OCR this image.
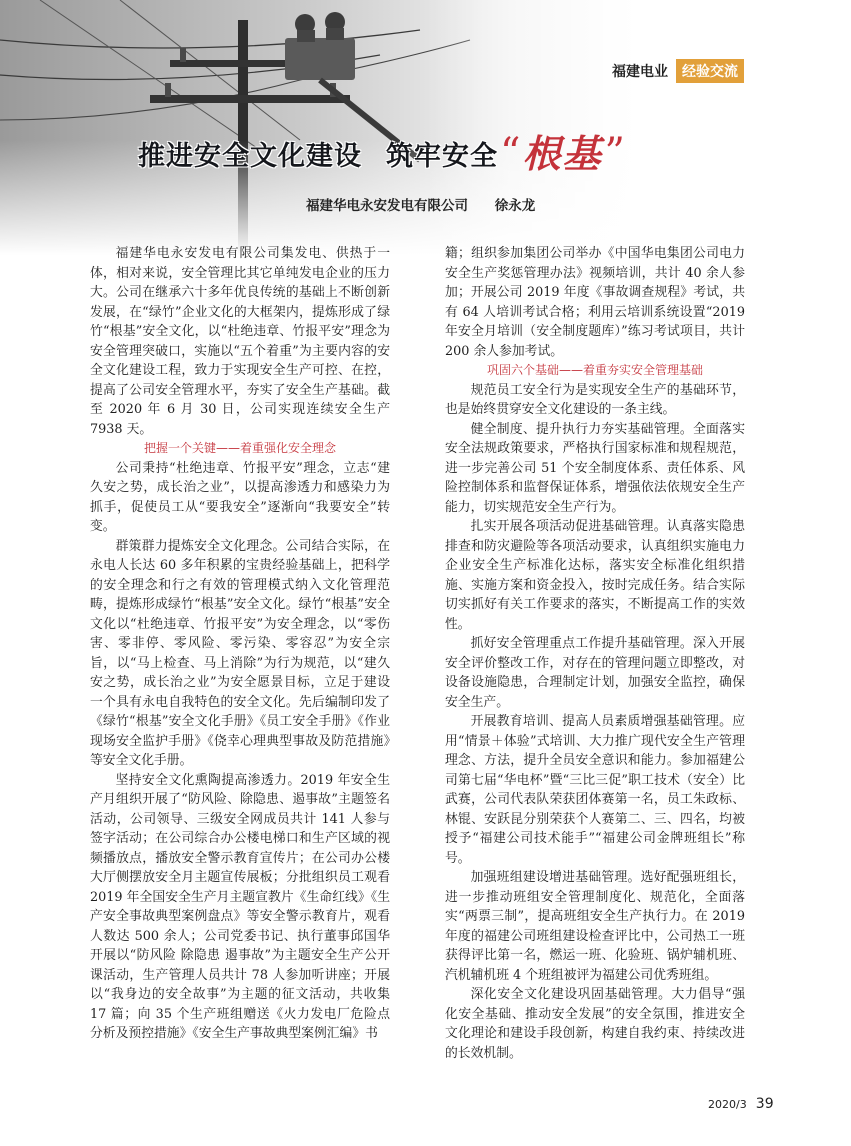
福建电业	经验交流
推进安全文化建设 筑牢安全 “ 根基 ”
福建华电永安发电有限公司 徐永龙

福建华电永安发电有限公司集发电、供热于一体，相对来说，安全管理比其它单纯发电企业的压力大。公司在继承六十多年优良传统的基础上不断创新发展，在“绿竹”企业文化的大框架内，提炼形成了绿竹“根基”安全文化，以“杜绝违章、竹报平安”理念为安全管理突破口，实施以“五个着重”为主要内容的安全文化建设工程，致力于实现安全生产可控、在控，提高了公司安全管理水平，夯实了安全生产基础。截至 2020 年 6 月 30 日，公司实现连续安全生产 7938 天。

把握一个关键——着重强化安全理念

公司秉持“杜绝违章、竹报平安”理念，立志“建久安之势，成长治之业”，以提高渗透力和感染力为抓手，促使员工从“要我安全”逐渐向“我要安全”转变。

群策群力提炼安全文化理念。公司结合实际，在永电人长达 60 多年积累的宝贵经验基础上，把科学的安全理念和行之有效的管理模式纳入文化管理范畴，提炼形成绿竹“根基”安全文化。绿竹“根基”安全文化以“杜绝违章、竹报平安”为安全理念，以“零伤害、零非停、零风险、零污染、零容忍”为安全宗旨，以“马上检查、马上消除”为行为规范，以“建久安之势，成长治之业”为安全愿景目标，立足于建设一个具有永电自我特色的安全文化。先后编制印发了《绿竹“根基”安全文化手册》《员工安全手册》《作业现场安全监护手册》《侥幸心理典型事故及防范措施》等安全文化手册。

坚持安全文化熏陶提高渗透力。2019 年安全生产月组织开展了“防风险、除隐患、遏事故”主题签名活动，公司领导、三级安全网成员共计 141 人参与签字活动；在公司综合办公楼电梯口和生产区域的视频播放点，播放安全警示教育宣传片；在公司办公楼大厅侧摆放安全月主题宣传展板；分批组织员工观看 2019 年全国安全生产月主题宣教片《生命红线》《生产安全事故典型案例盘点》等安全警示教育片，观看人数达 500 余人；公司党委书记、执行董事邱国华开展以“防风险 除隐患 遏事故”为主题安全生产公开课活动，生产管理人员共计 78 人参加听讲座；开展以“我身边的安全故事”为主题的征文活动，共收集 17 篇；向 35 个生产班组赠送《火力发电厂危险点分析及预控措施》《安全生产事故典型案例汇编》书

籍；组织参加集团公司举办《中国华电集团公司电力安全生产奖惩管理办法》视频培训，共计 40 余人参加；开展公司 2019 年度《事故调查规程》考试，共有 64 人培训考试合格；利用云培训系统设置“2019 年安全月培训（安全制度题库）”练习考试项目，共计 200 余人参加考试。

巩固六个基础——着重夯实安全管理基础

规范员工安全行为是实现安全生产的基础环节，也是始终贯穿安全文化建设的一条主线。

健全制度、提升执行力夯实基础管理。全面落实安全法规政策要求，严格执行国家标准和规程规范，进一步完善公司 51 个安全制度体系、责任体系、风险控制体系和监督保证体系，增强依法依规安全生产能力，切实规范安全生产行为。

扎实开展各项活动促进基础管理。认真落实隐患排查和防灾避险等各项活动要求，认真组织实施电力企业安全生产标准化达标，落实安全标准化组织措施、实施方案和资金投入，按时完成任务。结合实际切实抓好有关工作要求的落实，不断提高工作的实效性。

抓好安全管理重点工作提升基础管理。深入开展安全评价整改工作，对存在的管理问题立即整改，对设备设施隐患，合理制定计划，加强安全监控，确保安全生产。

开展教育培训、提高人员素质增强基础管理。应用“情景＋体验”式培训、大力推广现代安全生产管理理念、方法，提升全员安全意识和能力。参加福建公司第七届“华电杯”暨“三比三促”职工技术（安全）比武赛，公司代表队荣获团体赛第一名，员工朱政标、林锟、安跃昆分别荣获个人赛第二、三、四名，均被授予“福建公司技术能手”“福建公司金牌班组长”称号。

加强班组建设增进基础管理。选好配强班组长，进一步推动班组安全管理制度化、规范化，全面落实“两票三制”，提高班组安全生产执行力。在 2019 年度的福建公司班组建设检查评比中，公司热工一班获得评比第一名，燃运一班、化验班、锅炉辅机班、汽机辅机班 4 个班组被评为福建公司优秀班组。

深化安全文化建设巩固基础管理。大力倡导“强化安全基础、推动安全发展”的安全氛围，推进安全文化理论和建设手段创新，构建自我约束、持续改进的长效机制。

2020/3 39
